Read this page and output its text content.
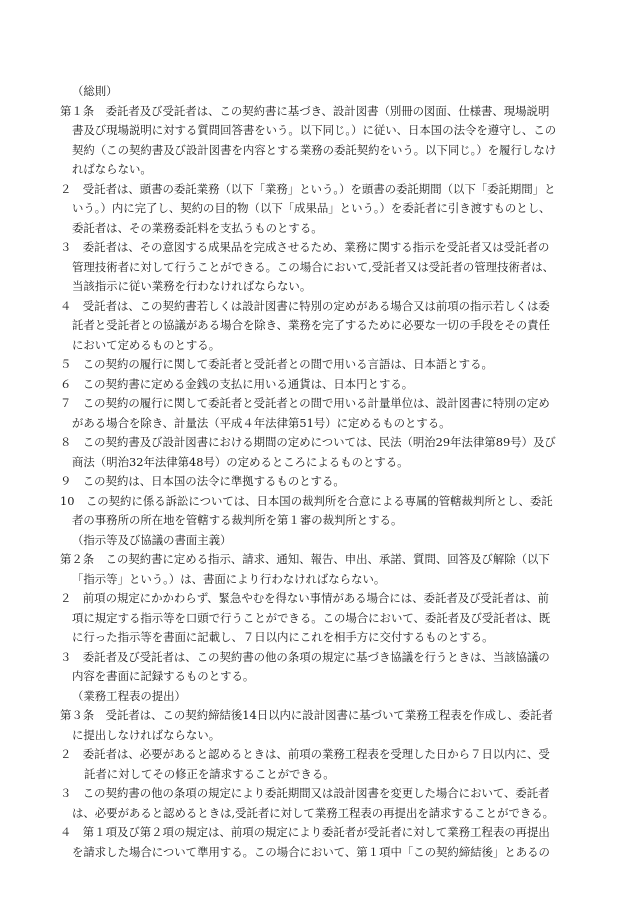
（総則）
第１条　委託者及び受託者は、この契約書に基づき、設計図書（別冊の図面、仕様書、現場説明
書及び現場説明に対する質問回答書をいう。以下同じ。）に従い、日本国の法令を遵守し、この
契約（この契約書及び設計図書を内容とする業務の委託契約をいう。以下同じ。）を履行しなけ
ればならない。
２　受託者は、頭書の委託業務（以下「業務」という。）を頭書の委託期間（以下「委託期間」と
いう。）内に完了し、契約の目的物（以下「成果品」という。）を委託者に引き渡すものとし、
委託者は、その業務委託料を支払うものとする。
３　委託者は、その意図する成果品を完成させるため、業務に関する指示を受託者又は受託者の
管理技術者に対して行うことができる。この場合において,受託者又は受託者の管理技術者は、
当該指示に従い業務を行わなければならない。
４　受託者は、この契約書若しくは設計図書に特別の定めがある場合又は前項の指示若しくは委
託者と受託者との協議がある場合を除き、業務を完了するために必要な一切の手段をその責任
において定めるものとする。
５　この契約の履行に関して委託者と受託者との間で用いる言語は、日本語とする。
６　この契約書に定める金銭の支払に用いる通貨は、日本円とする。
７　この契約の履行に関して委託者と受託者との間で用いる計量単位は、設計図書に特別の定め
がある場合を除き、計量法（平成４年法律第51号）に定めるものとする。
８　この契約書及び設計図書における期間の定めについては、民法（明治29年法律第89号）及び
商法（明治32年法律第48号）の定めるところによるものとする。
９　この契約は、日本国の法令に準拠するものとする。
10　この契約に係る訴訟については、日本国の裁判所を合意による専属的管轄裁判所とし、委託
者の事務所の所在地を管轄する裁判所を第１審の裁判所とする。
（指示等及び協議の書面主義）
第２条　この契約書に定める指示、請求、通知、報告、申出、承諾、質問、回答及び解除（以下
「指示等」という。）は、書面により行わなければならない。
２　前項の規定にかかわらず、緊急やむを得ない事情がある場合には、委託者及び受託者は、前
項に規定する指示等を口頭で行うことができる。この場合において、委託者及び受託者は、既
に行った指示等を書面に記載し、７日以内にこれを相手方に交付するものとする。
３　委託者及び受託者は、この契約書の他の条項の規定に基づき協議を行うときは、当該協議の
内容を書面に記録するものとする。
（業務工程表の提出）
第３条　受託者は、この契約締結後14日以内に設計図書に基づいて業務工程表を作成し、委託者
に提出しなければならない。
２　委託者は、必要があると認めるときは、前項の業務工程表を受理した日から７日以内に、受
託者に対してその修正を請求することができる。
３　この契約書の他の条項の規定により委託期間又は設計図書を変更した場合において、委託者
は、必要があると認めるときは,受託者に対して業務工程表の再提出を請求することができる。
４　第１項及び第２項の規定は、前項の規定により委託者が受託者に対して業務工程表の再提出
を請求した場合について準用する。この場合において、第１項中「この契約締結後」とあるの
